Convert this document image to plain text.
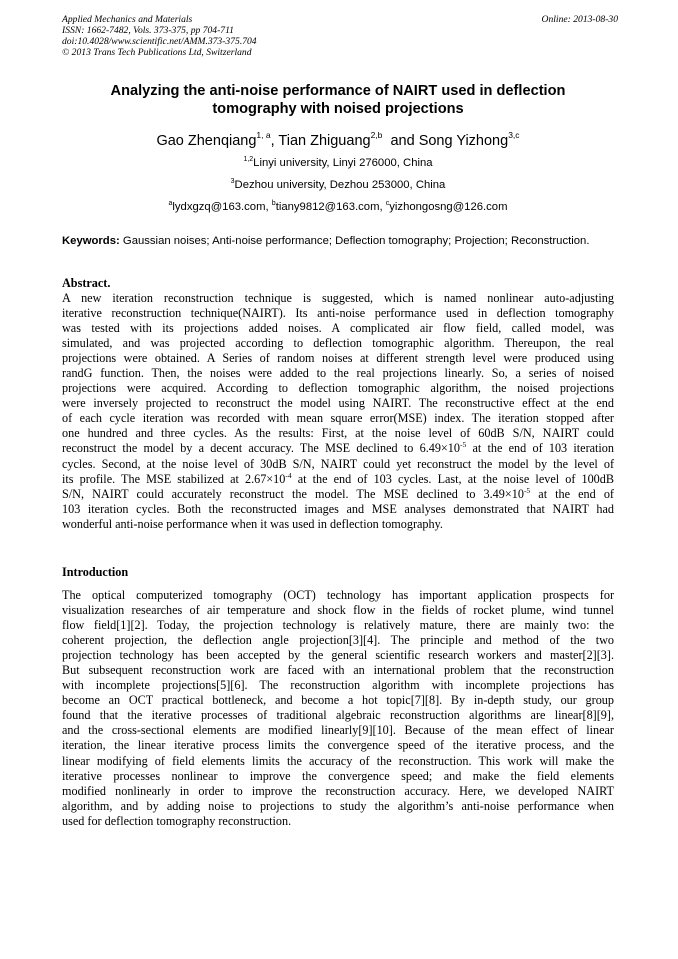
Applied Mechanics and Materials
ISSN: 1662-7482, Vols. 373-375, pp 704-711
doi:10.4028/www.scientific.net/AMM.373-375.704
© 2013 Trans Tech Publications Ltd, Switzerland
Online: 2013-08-30
Analyzing the anti-noise performance of NAIRT used in deflection
tomography with noised projections
Gao Zhenqiang$^{1, a}$, Tian Zhiguang$^{2,b}$  and Song Yizhong$^{3,c}$
$^{1,2}$Linyi university, Linyi 276000, China
$^3$Dezhou university, Dezhou 253000, China
$^a$lydxgzq@163.com, $^b$tiany9812@163.com, $^c$yizhongosng@126.com
Keywords: Gaussian noises; Anti-noise performance; Deflection tomography; Projection; Reconstruction.
Abstract.
A new iteration reconstruction technique is suggested, which is named nonlinear auto-adjusting
iterative reconstruction technique(NAIRT). Its anti-noise performance used in deflection tomography
was tested with its projections added noises. A complicated air flow field, called model, was
simulated, and was projected according to deflection tomographic algorithm. Thereupon, the real
projections were obtained. A Series of random noises at different strength level were produced using
randG function. Then, the noises were added to the real projections linearly. So, a series of noised
projections were acquired. According to deflection tomographic algorithm, the noised projections
were inversely projected to reconstruct the model using NAIRT. The reconstructive effect at the end
of each cycle iteration was recorded with mean square error(MSE) index. The iteration stopped after
one hundred and three cycles. As the results: First, at the noise level of 60dB S/N, NAIRT could
reconstruct the model by a decent accuracy. The MSE declined to $6.49\times 10^{-5}$ at the end of 103 iteration
cycles. Second, at the noise level of 30dB S/N, NAIRT could yet reconstruct the model by the level of
its profile. The MSE stabilized at $2.67\times 10^{-4}$ at the end of 103 cycles. Last, at the noise level of 100dB
S/N, NAIRT could accurately reconstruct the model. The MSE declined to $3.49\times 10^{-5}$ at the end of
103 iteration cycles. Both the reconstructed images and MSE analyses demonstrated that NAIRT had
wonderful anti-noise performance when it was used in deflection tomography.
Introduction
The optical computerized tomography (OCT) technology has important application prospects for
visualization researches of air temperature and shock flow in the fields of rocket plume, wind tunnel
flow field[1][2]. Today, the projection technology is relatively mature, there are mainly two: the
coherent projection, the deflection angle projection[3][4]. The principle and method of the two
projection technology has been accepted by the general scientific research workers and master[2][3].
But subsequent reconstruction work are faced with an international problem that the reconstruction
with incomplete projections[5][6]. The reconstruction algorithm with incomplete projections has
become an OCT practical bottleneck, and become a hot topic[7][8]. By in-depth study, our group
found that the iterative processes of traditional algebraic reconstruction algorithms are linear[8][9],
and the cross-sectional elements are modified linearly[9][10]. Because of the mean effect of linear
iteration, the linear iterative process limits the convergence speed of the iterative process, and the
linear modifying of field elements limits the accuracy of the reconstruction. This work will make the
iterative processes nonlinear to improve the convergence speed; and make the field elements
modified nonlinearly in order to improve the reconstruction accuracy. Here, we developed NAIRT
algorithm, and by adding noise to projections to study the algorithm’s anti-noise performance when
used for deflection tomography reconstruction.
